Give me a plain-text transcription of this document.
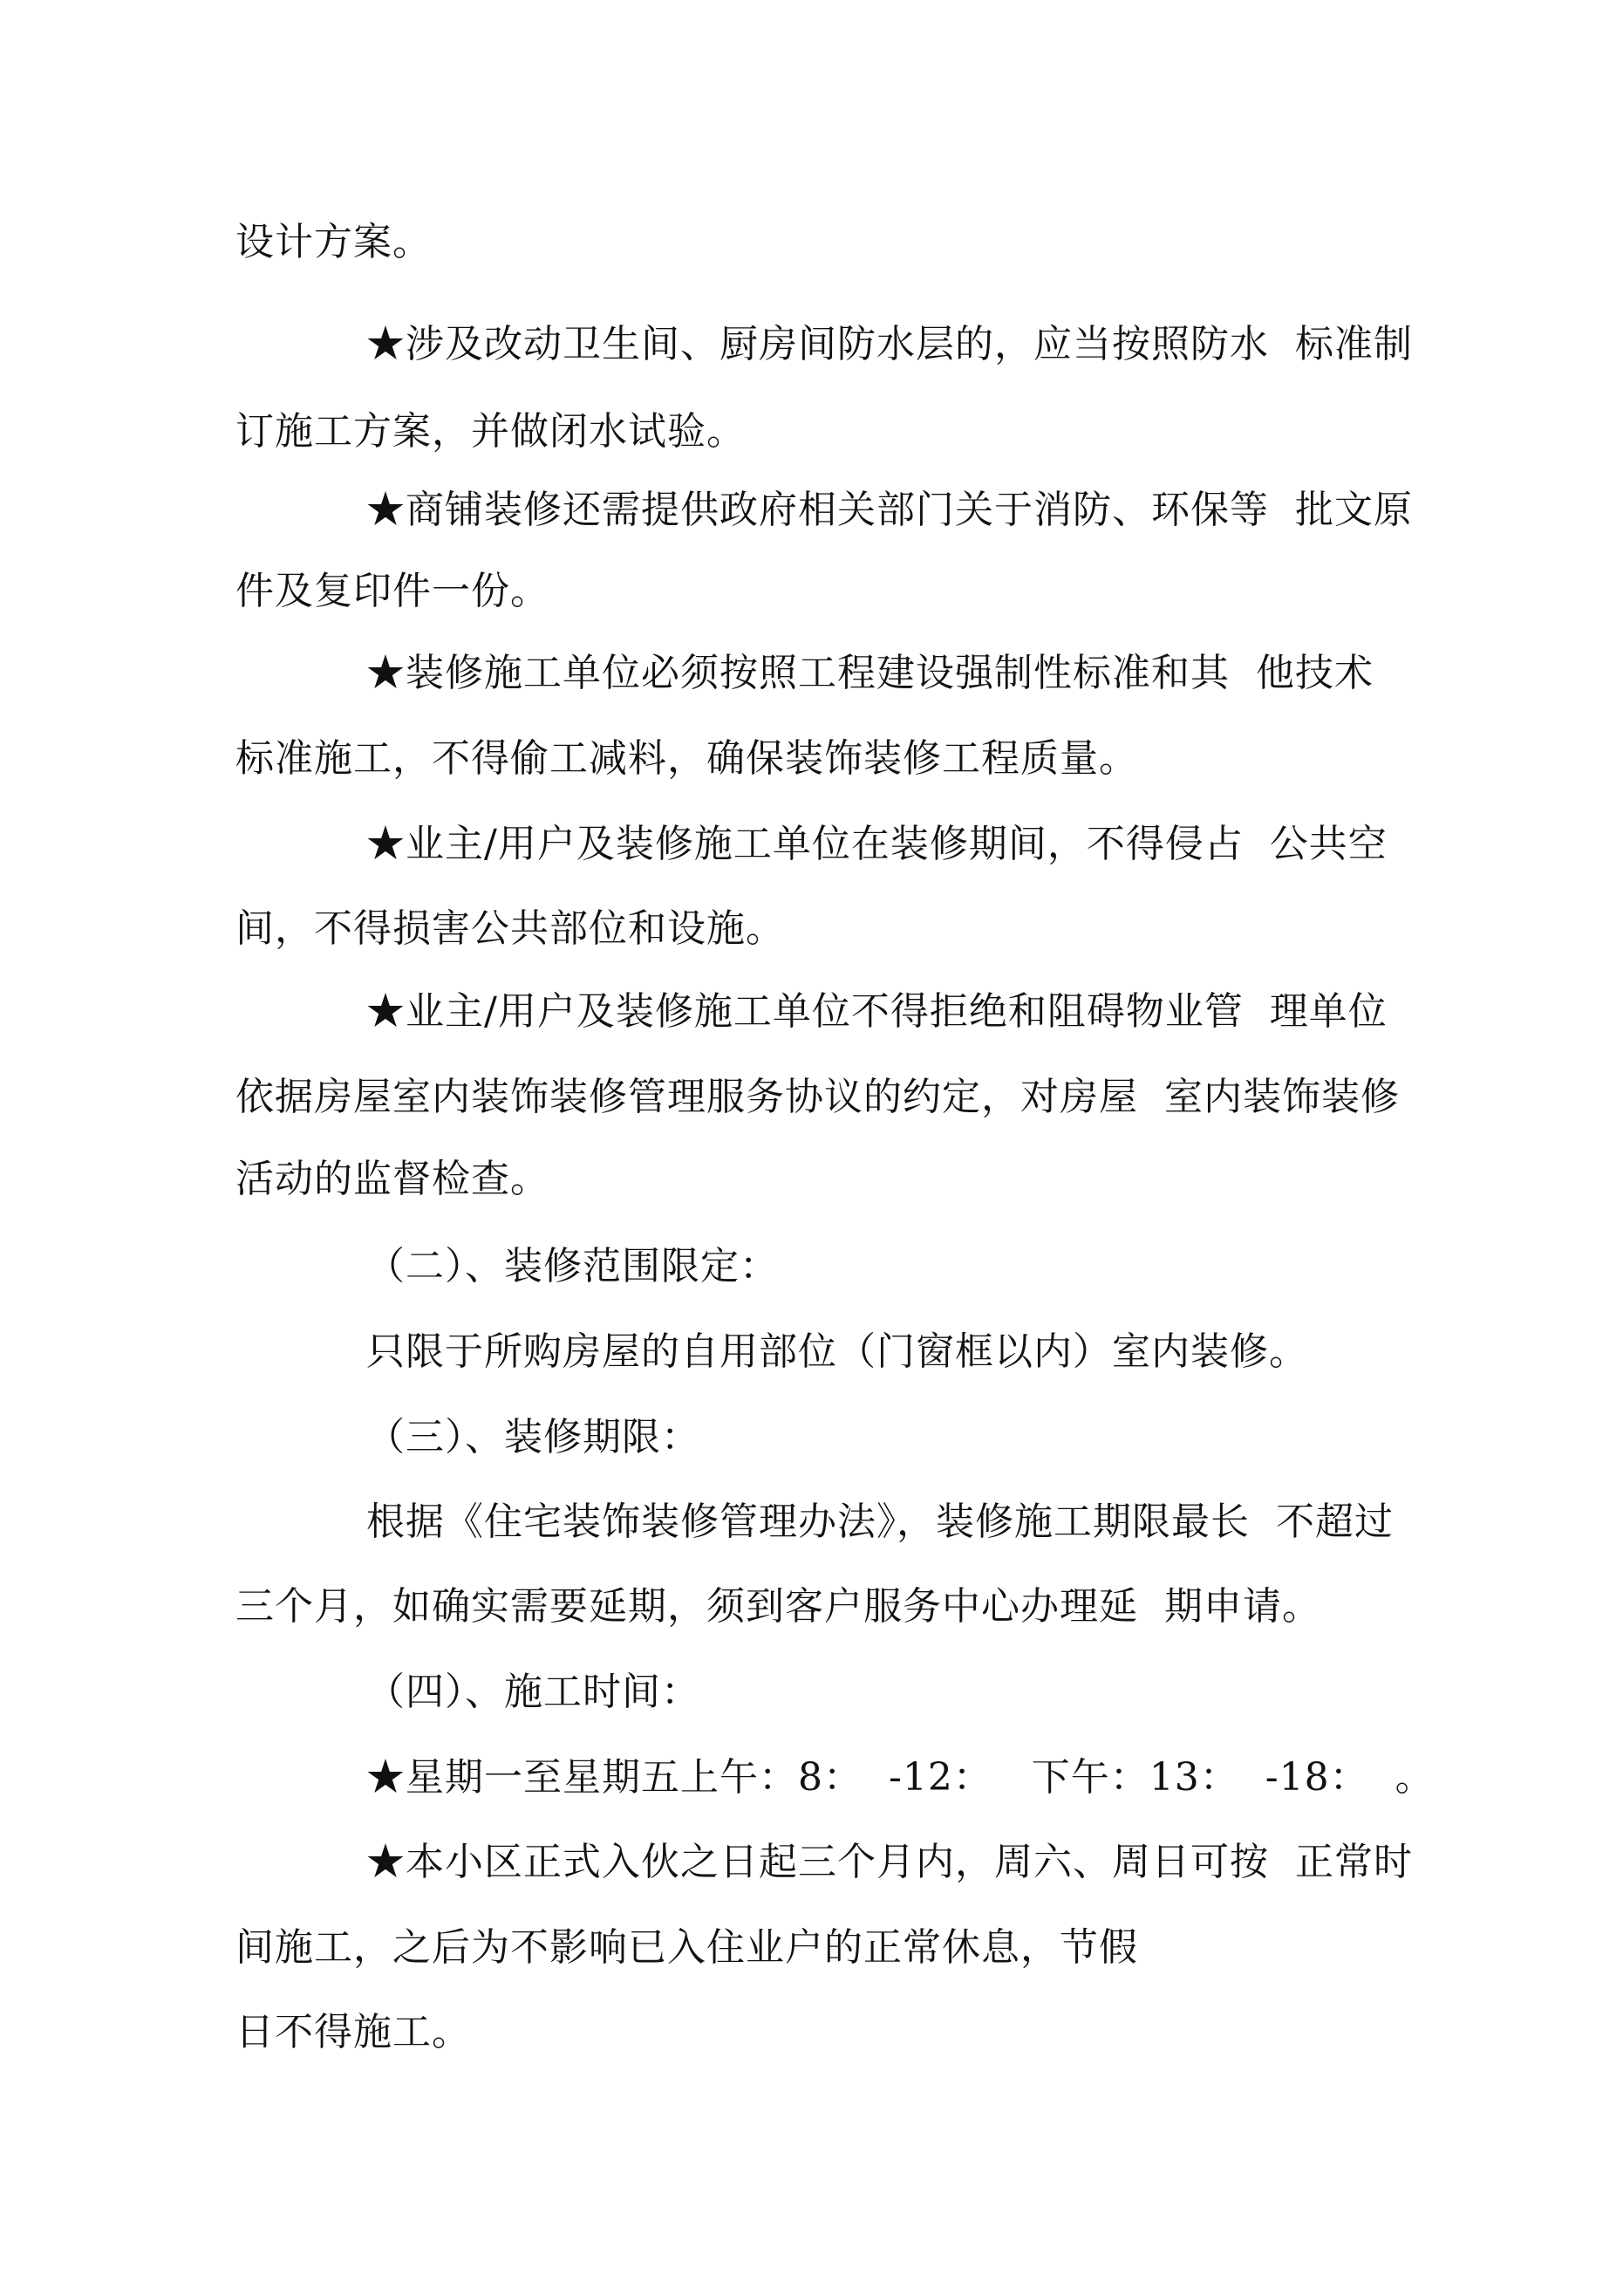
设计方案。

★涉及改动卫生间、厨房间防水层的，应当按照防水  标准制

订施工方案，并做闭水试验。

★商铺装修还需提供政府相关部门关于消防、环保等  批文原

件及复印件一份。

★装修施工单位必须按照工程建设强制性标准和其  他技术

标准施工，不得偷工减料，确保装饰装修工程质量。

★业主/用户及装修施工单位在装修期间，不得侵占  公共空

间，不得损害公共部位和设施。

★业主/用户及装修施工单位不得拒绝和阻碍物业管  理单位

依据房屋室内装饰装修管理服务协议的约定，对房屋  室内装饰装修

活动的监督检查。

（二）、装修范围限定：

只限于所购房屋的自用部位（门窗框以内）室内装修。

（三）、装修期限：

根据《住宅装饰装修管理办法》，装修施工期限最长  不超过

三个月，如确实需要延期，须到客户服务中心办理延  期申请。

（四）、施工时间：

★星期一至星期五上午：8：  -12：   下午：13：  -18：  。

★本小区正式入伙之日起三个月内，周六、周日可按  正常时

间施工，之后为不影响已入住业户的正常休息，节假

日不得施工。
